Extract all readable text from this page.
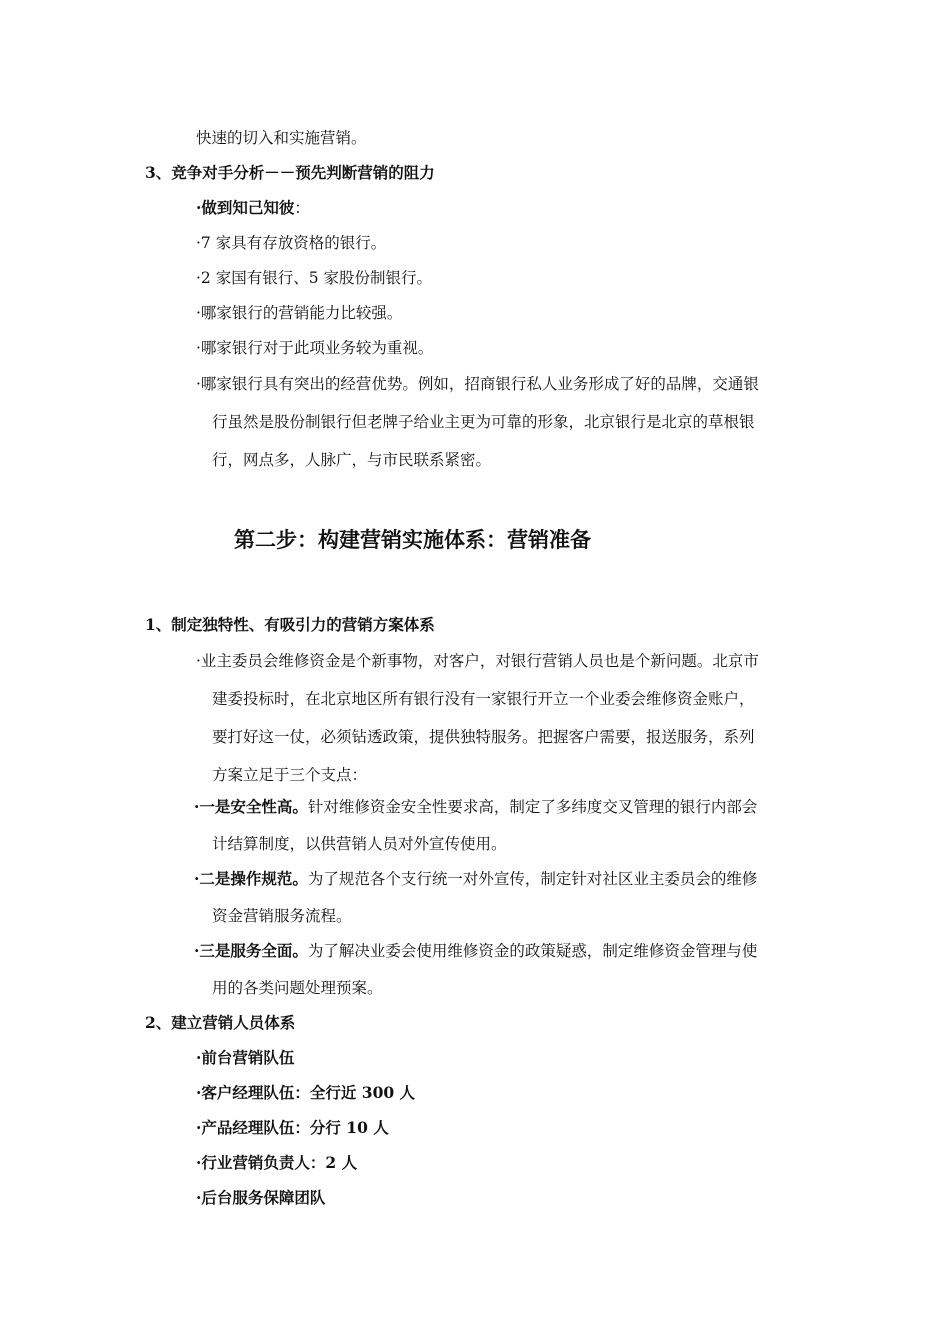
快速的切入和实施营销。
3、竞争对手分析－－预先判断营销的阻力
·做到知己知彼：
·7 家具有存放资格的银行。
·2 家国有银行、5 家股份制银行。
·哪家银行的营销能力比较强。
·哪家银行对于此项业务较为重视。
·哪家银行具有突出的经营优势。例如，招商银行私人业务形成了好的品牌，交通银
行虽然是股份制银行但老牌子给业主更为可靠的形象，北京银行是北京的草根银
行，网点多，人脉广，与市民联系紧密。
第二步：构建营销实施体系：营销准备
1、制定独特性、有吸引力的营销方案体系
·业主委员会维修资金是个新事物，对客户，对银行营销人员也是个新问题。北京市
建委投标时，在北京地区所有银行没有一家银行开立一个业委会维修资金账户，
要打好这一仗，必须钻透政策，提供独特服务。把握客户需要，报送服务，系列
方案立足于三个支点：
·一是安全性高。针对维修资金安全性要求高，制定了多纬度交叉管理的银行内部会
计结算制度，以供营销人员对外宣传使用。
·二是操作规范。为了规范各个支行统一对外宣传，制定针对社区业主委员会的维修
资金营销服务流程。
·三是服务全面。为了解决业委会使用维修资金的政策疑惑，制定维修资金管理与使
用的各类问题处理预案。
2、建立营销人员体系
·前台营销队伍
·客户经理队伍：全行近 300 人
·产品经理队伍：分行 10 人
·行业营销负责人：2 人
·后台服务保障团队
